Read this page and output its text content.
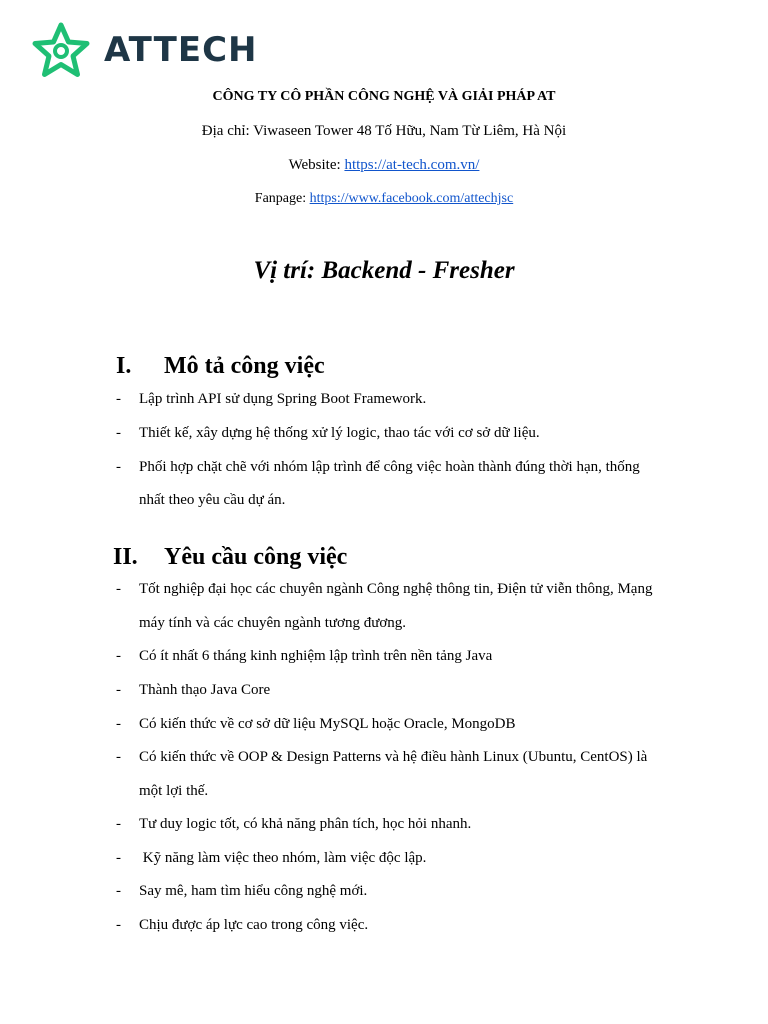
ATTECH
CÔNG TY CÔ PHẦN CÔNG NGHỆ VÀ GIẢI PHÁP AT
Địa chỉ: Viwaseen Tower 48 Tố Hữu, Nam Từ Liêm, Hà Nội
Website: https://at-tech.com.vn/
Fanpage: https://www.facebook.com/attechjsc
Vị trí: Backend - Fresher
I. Mô tả công việc
- Lập trình API sử dụng Spring Boot Framework.
- Thiết kế, xây dựng hệ thống xử lý logic, thao tác với cơ sở dữ liệu.
- Phối hợp chặt chẽ với nhóm lập trình để công việc hoàn thành đúng thời hạn, thống
nhất theo yêu cầu dự án.
II. Yêu cầu công việc
- Tốt nghiệp đại học các chuyên ngành Công nghệ thông tin, Điện tử viễn thông, Mạng
máy tính và các chuyên ngành tương đương.
- Có ít nhất 6 tháng kinh nghiệm lập trình trên nền tảng Java
- Thành thạo Java Core
- Có kiến thức về cơ sở dữ liệu MySQL hoặc Oracle, MongoDB
- Có kiến thức về OOP & Design Patterns và hệ điều hành Linux (Ubuntu, CentOS) là
một lợi thế.
- Tư duy logic tốt, có khả năng phân tích, học hỏi nhanh.
- Kỹ năng làm việc theo nhóm, làm việc độc lập.
- Say mê, ham tìm hiểu công nghệ mới.
- Chịu được áp lực cao trong công việc.
